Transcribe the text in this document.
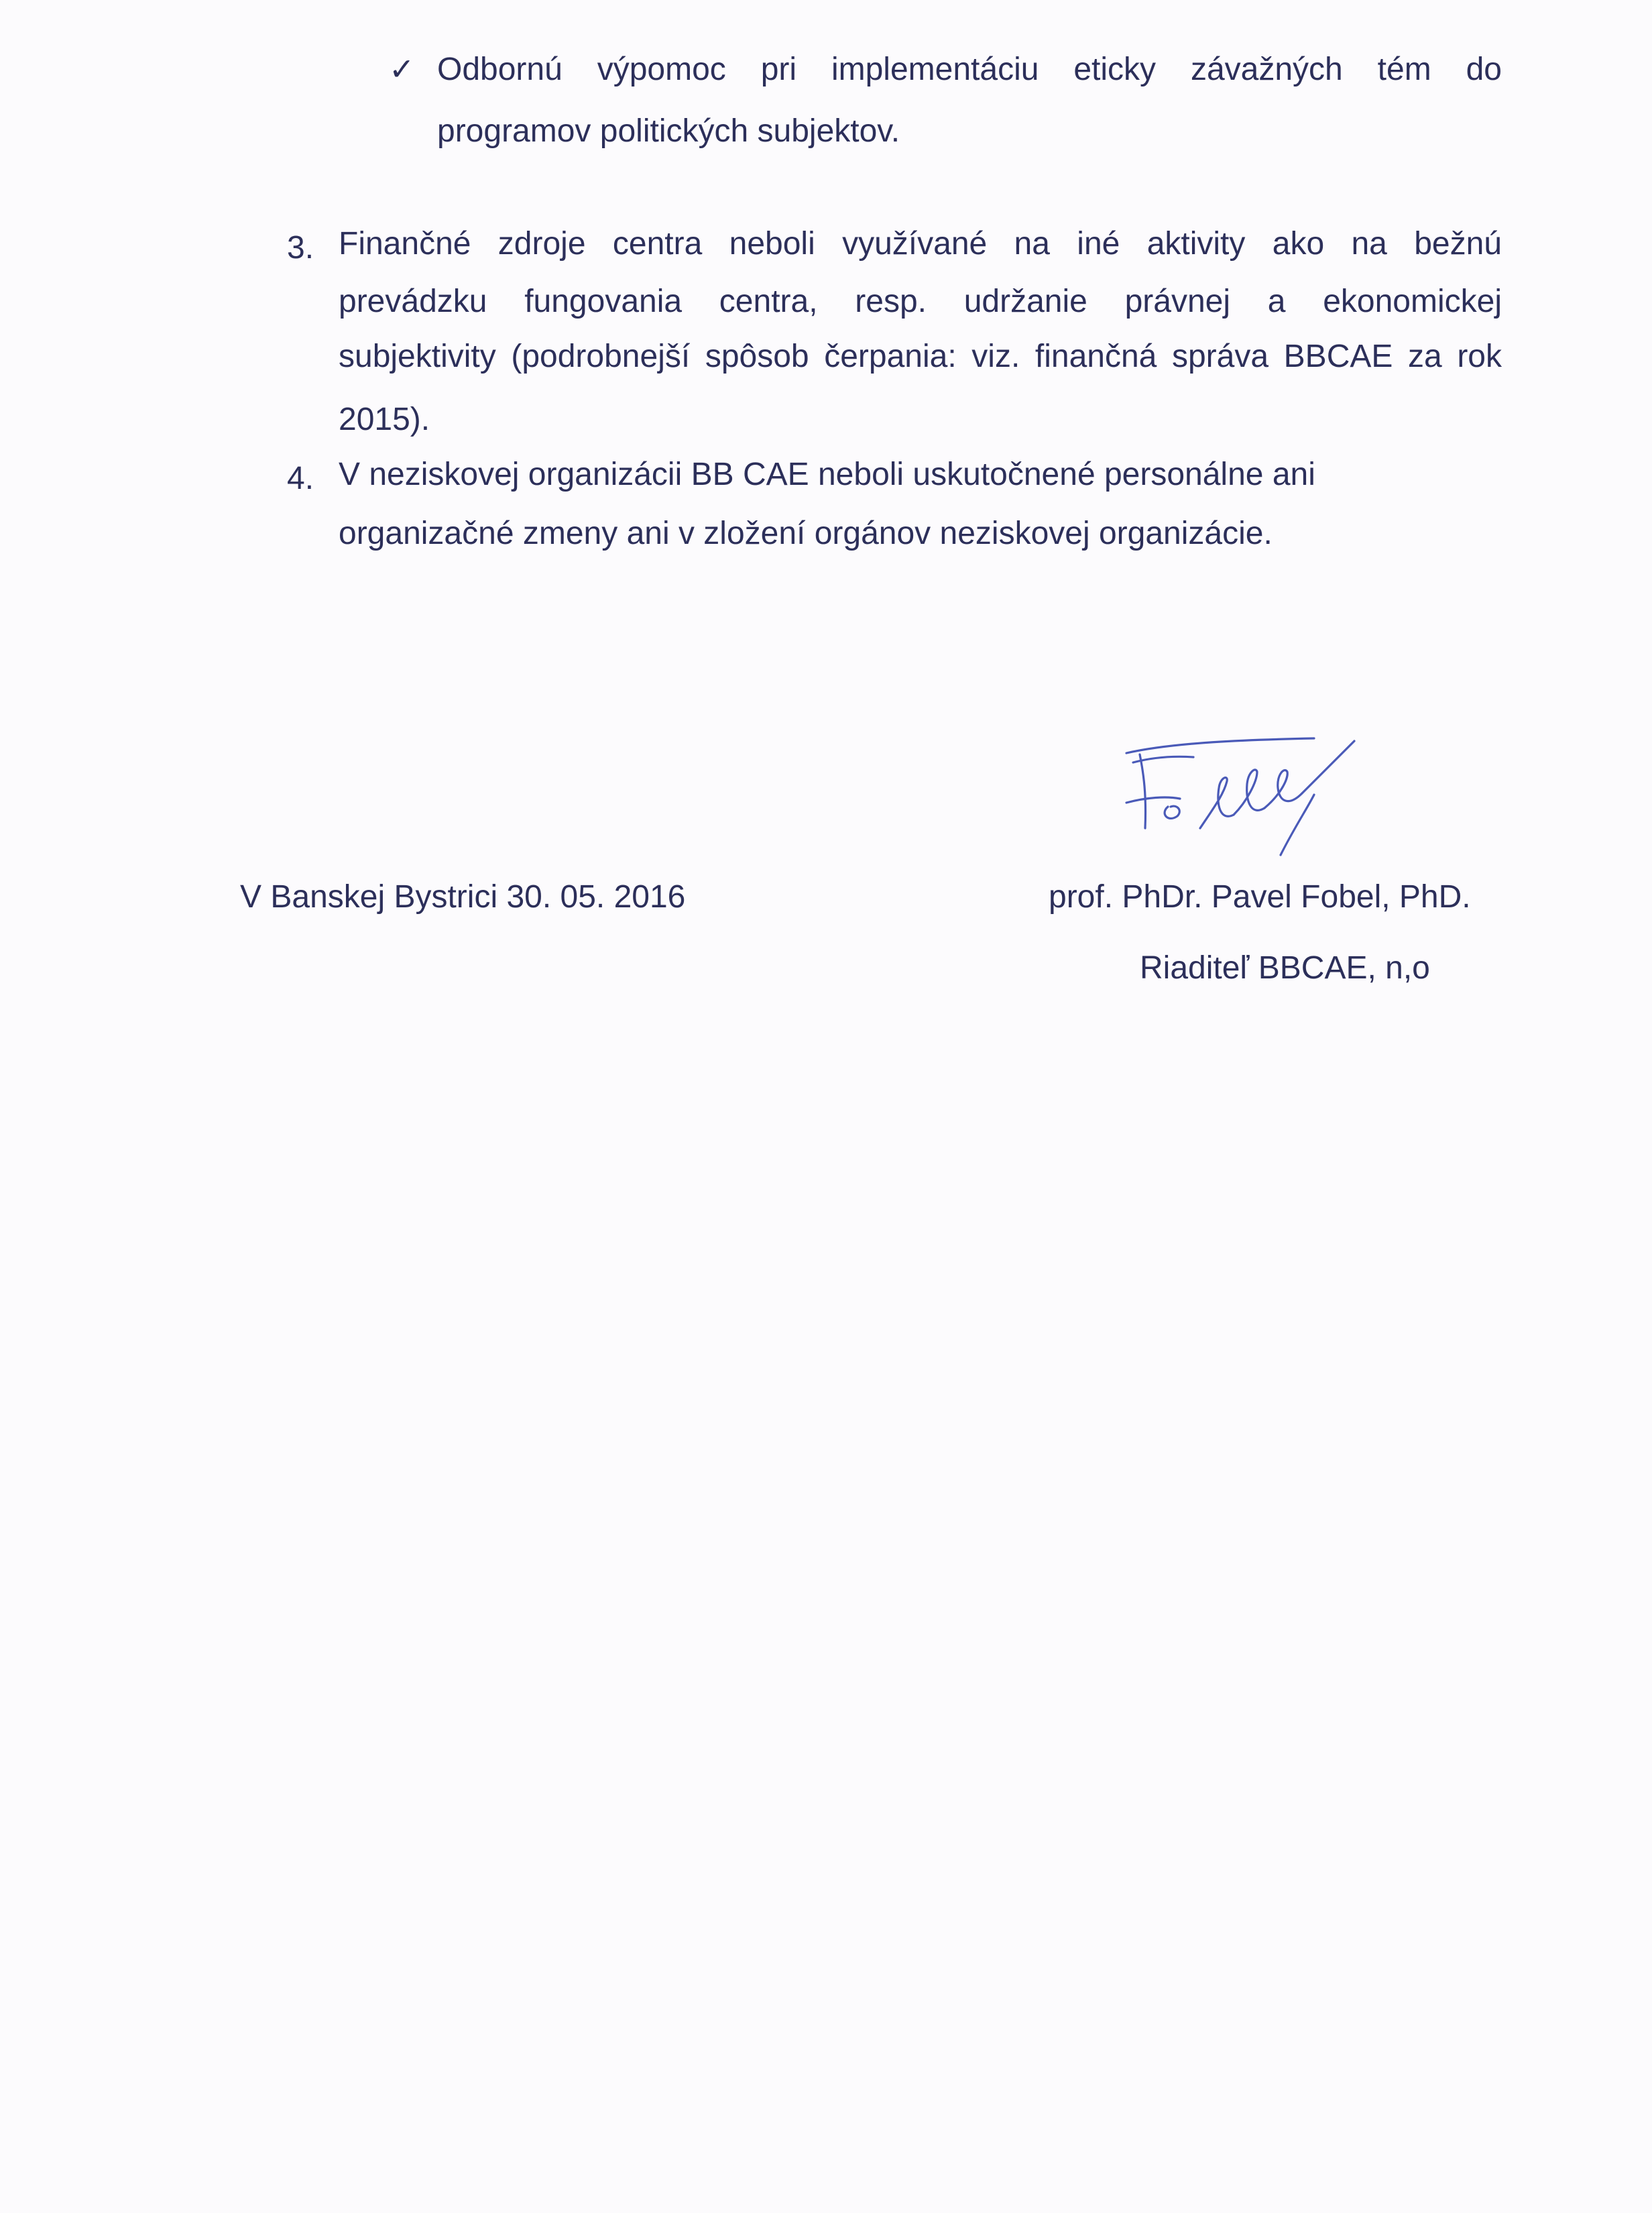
✓ Odbornú výpomoc pri implementáciu eticky závažných tém do
programov politických subjektov.
3. Finančné zdroje centra neboli využívané na iné aktivity ako na bežnú
prevádzku fungovania centra, resp. udržanie právnej a ekonomickej
subjektivity (podrobnejší spôsob čerpania: viz. finančná správa BBCAE za rok
2015).
4. V neziskovej organizácii BB CAE neboli uskutočnené personálne ani
organizačné zmeny ani v zložení orgánov neziskovej organizácie.
V Banskej Bystrici 30. 05. 2016	prof. PhDr. Pavel Fobel, PhD.
Riaditeľ BBCAE, n,o
